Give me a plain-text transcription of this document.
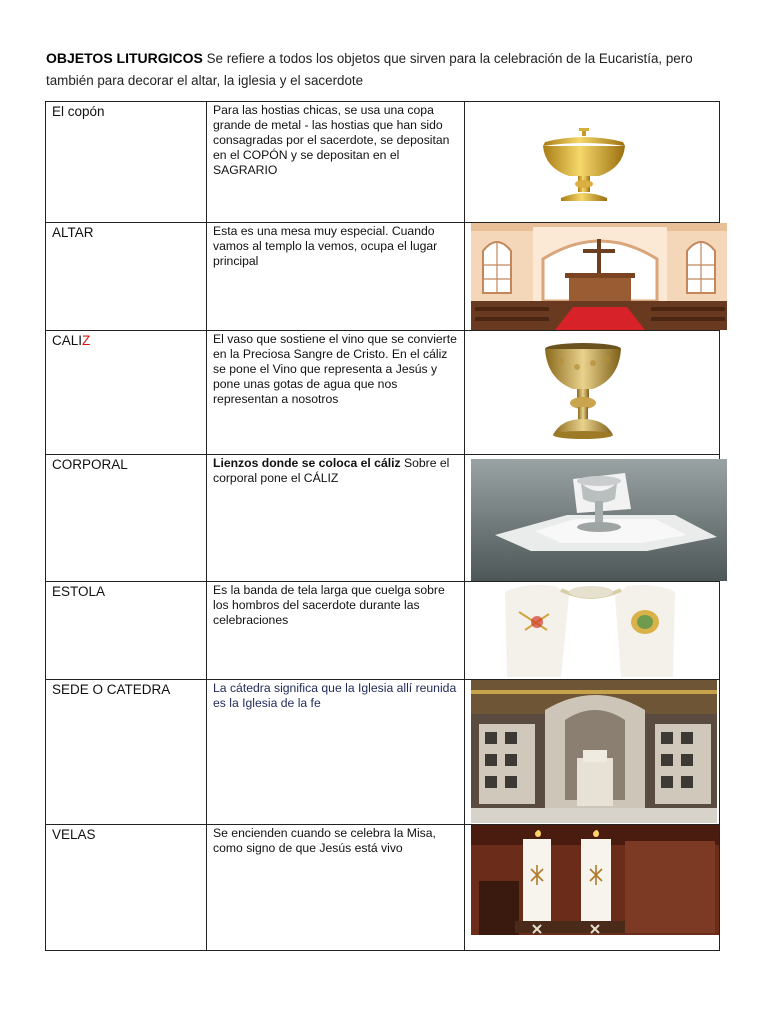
OBJETOS LITURGICOS Se refiere a todos los objetos que sirven para la celebración de la Eucaristía, pero también para decorar el altar, la iglesia y el sacerdote
El copón	Para las hostias chicas, se usa una copa grande de metal - las hostias que han sido consagradas por el sacerdote, se depositan en el COPÓN y se depositan en el SAGRARIO	

ALTAR	Esta es una mesa muy especial. Cuando vamos al templo la vemos, ocupa el lugar principal	

CALIZ	El vaso que sostiene el vino que se convierte en la Preciosa Sangre de Cristo. En el cáliz se pone el Vino que representa a Jesús y pone unas gotas de agua que nos representan a nosotros	

CORPORAL	Lienzos donde se coloca el cáliz Sobre el corporal pone el CÁLIZ	

ESTOLA	Es la banda de tela larga que cuelga sobre los hombros del sacerdote durante las celebraciones	

SEDE O CATEDRA	La cátedra significa que la Iglesia allí reunida es la Iglesia de la fe	

VELAS	Se encienden cuando se celebra la Misa, como signo de que Jesús está vivo	
